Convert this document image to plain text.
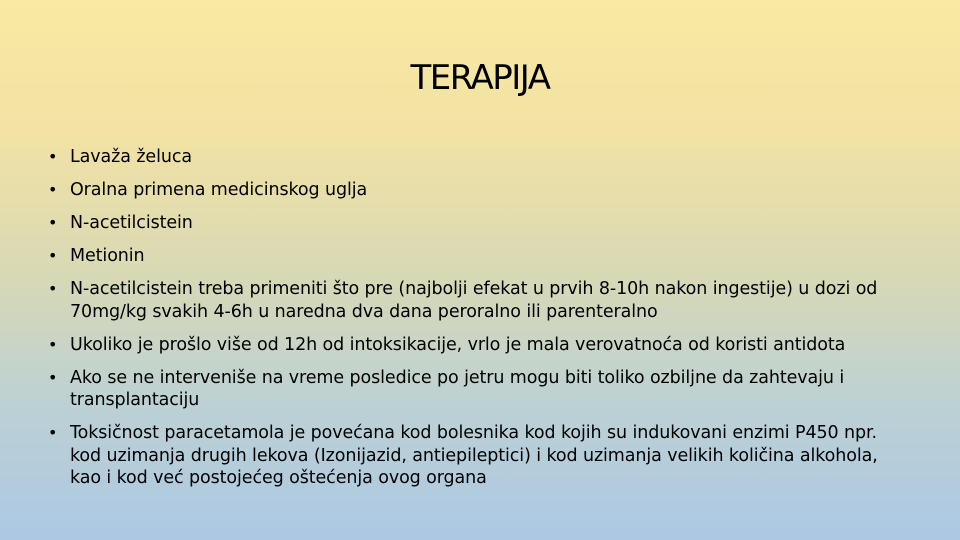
TERAPIJA
• Lavaža želuca
• Oralna primena medicinskog uglja
• N-acetilcistein
• Metionin
• N-acetilcistein treba primeniti što pre (najbolji efekat u prvih 8-10h nakon ingestije) u dozi od 70mg/kg svakih 4-6h u naredna dva dana peroralno ili parenteralno
• Ukoliko je prošlo više od 12h od intoksikacije, vrlo je mala verovatnoća od koristi antidota
• Ako se ne interveniše na vreme posledice po jetru mogu biti toliko ozbiljne da zahtevaju i transplantaciju
• Toksičnost paracetamola je povećana kod bolesnika kod kojih su indukovani enzimi P450 npr. kod uzimanja drugih lekova (Izonijazid, antiepileptici) i kod uzimanja velikih količina alkohola, kao i kod već postojećeg oštećenja ovog organa
